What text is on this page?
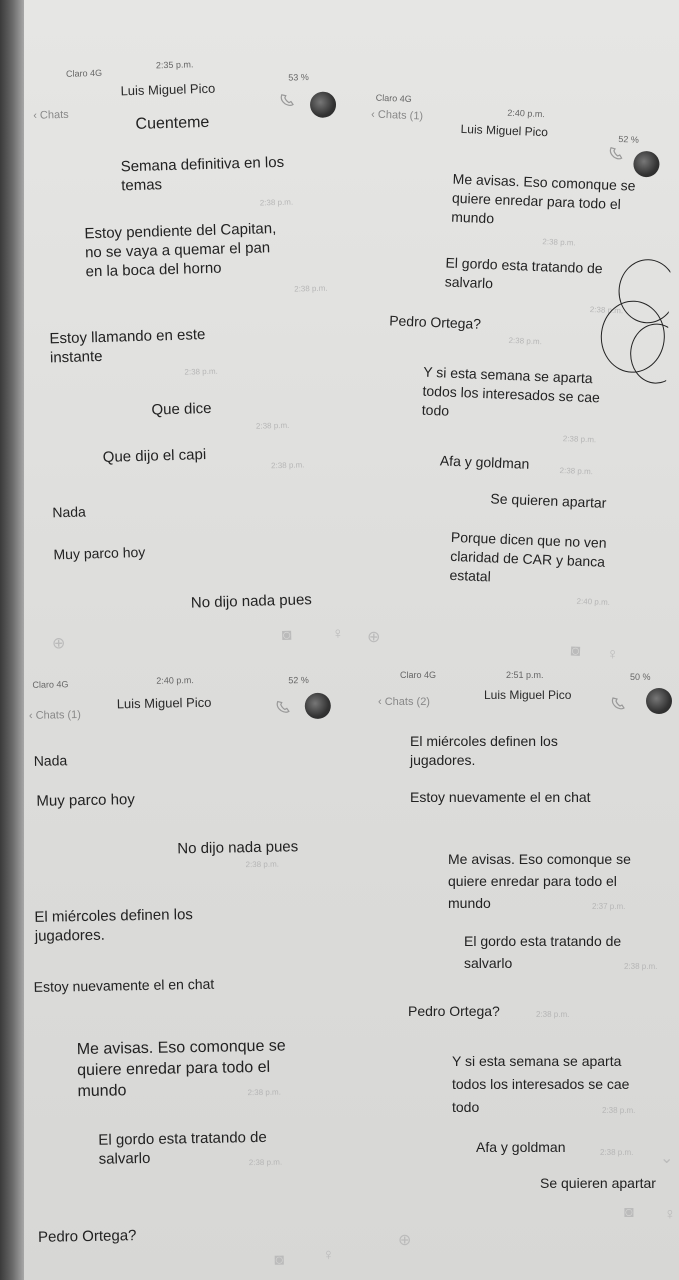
Claro 4G
2:35 p.m.
53 %
‹ Chats
Luis Miguel Pico
Cuenteme
Semana definitiva en los
temas
2:38 p.m.
Estoy pendiente del Capitan,
no se vaya a quemar el pan
en la boca del horno
2:38 p.m.
Estoy llamando en este
instante
2:38 p.m.
Que dice
2:38 p.m.
Que dijo el capi	2:38 p.m.
Nada
Muy parco hoy
No dijo nada pues
⊕	◙ ♀
Claro 4G
2:40 p.m.
52 %
‹ Chats (1)
Luis Miguel Pico
Me avisas. Eso comonque se
quiere enredar para todo el
mundo
2:38 p.m.
El gordo esta tratando de
salvarlo
2:38 p.m.
Pedro Ortega?
2:38 p.m.
Y si esta semana se aparta
todos los interesados se cae
todo
2:38 p.m.
Afa y goldman	2:38 p.m.
Se quieren apartar
Porque dicen que no ven
claridad de CAR y banca
estatal
2:40 p.m.
⊕
◙ ♀
Claro 4G	2:40 p.m.	52 %
‹ Chats (1)
Luis Miguel Pico
Nada
Muy parco hoy
No dijo nada pues
2:38 p.m.
El miércoles definen los
jugadores.
Estoy nuevamente el en chat
Me avisas. Eso comonque se
quiere enredar para todo el
mundo	2:38 p.m.
El gordo esta tratando de
salvarlo	2:38 p.m.
Pedro Ortega?
◙ ♀
Claro 4G	2:51 p.m.	50 %
‹ Chats (2)	Luis Miguel Pico
El miércoles definen los
jugadores.
Estoy nuevamente el en chat
Me avisas. Eso comonque se
quiere enredar para todo el
mundo	2:37 p.m.
El gordo esta tratando de
salvarlo	2:38 p.m.
Pedro Ortega?	2:38 p.m.
Y si esta semana se aparta
todos los interesados se cae
todo	2:38 p.m.
Afa y goldman	2:38 p.m. ⌄
Se quieren apartar
◙ ♀
⊕
